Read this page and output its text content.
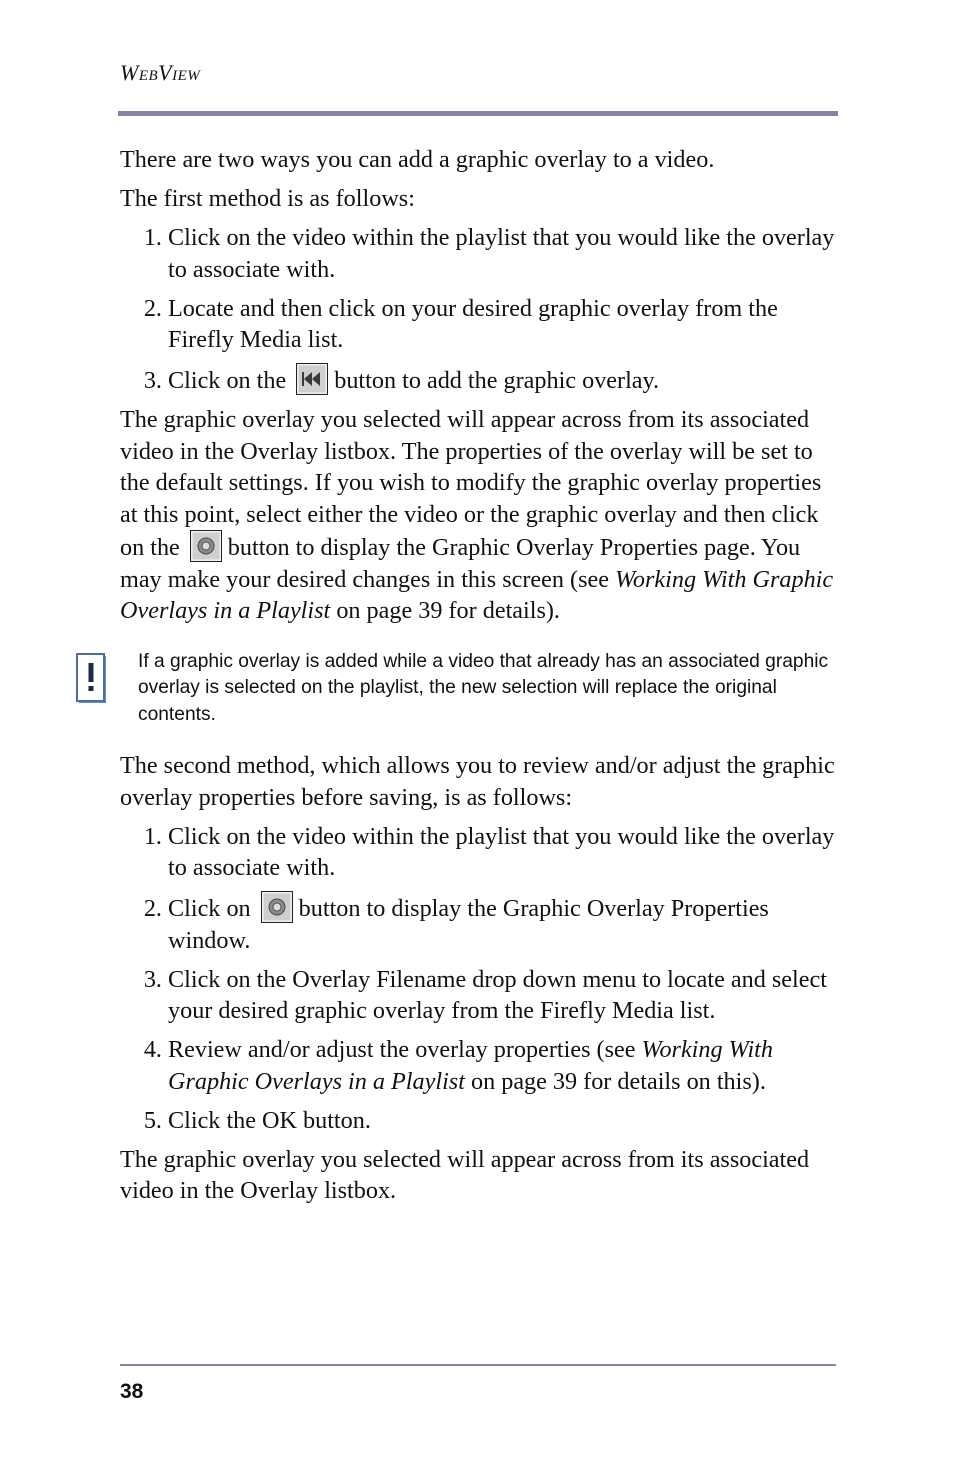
WEBVIEW

There are two ways you can add a graphic overlay to a video.

The first method is as follows:

1. Click on the video within the playlist that you would like the overlay to associate with.
2. Locate and then click on your desired graphic overlay from the Firefly Media list.
3. Click on the button to add the graphic overlay.

The graphic overlay you selected will appear across from its associated video in the Overlay listbox. The properties of the overlay will be set to the default settings. If you wish to modify the graphic overlay properties at this point, select either the video or the graphic overlay and then click on the button to display the Graphic Overlay Properties page. You may make your desired changes in this screen (see Working With Graphic Overlays in a Playlist on page 39 for details).

If a graphic overlay is added while a video that already has an associated graphic overlay is selected on the playlist, the new selection will replace the original contents.

The second method, which allows you to review and/or adjust the graphic overlay properties before saving, is as follows:

1. Click on the video within the playlist that you would like the overlay to associate with.
2. Click on button to display the Graphic Overlay Properties window.
3. Click on the Overlay Filename drop down menu to locate and select your desired graphic overlay from the Firefly Media list.
4. Review and/or adjust the overlay properties (see Working With Graphic Overlays in a Playlist on page 39 for details on this).
5. Click the OK button.

The graphic overlay you selected will appear across from its associated video in the Overlay listbox.

38
